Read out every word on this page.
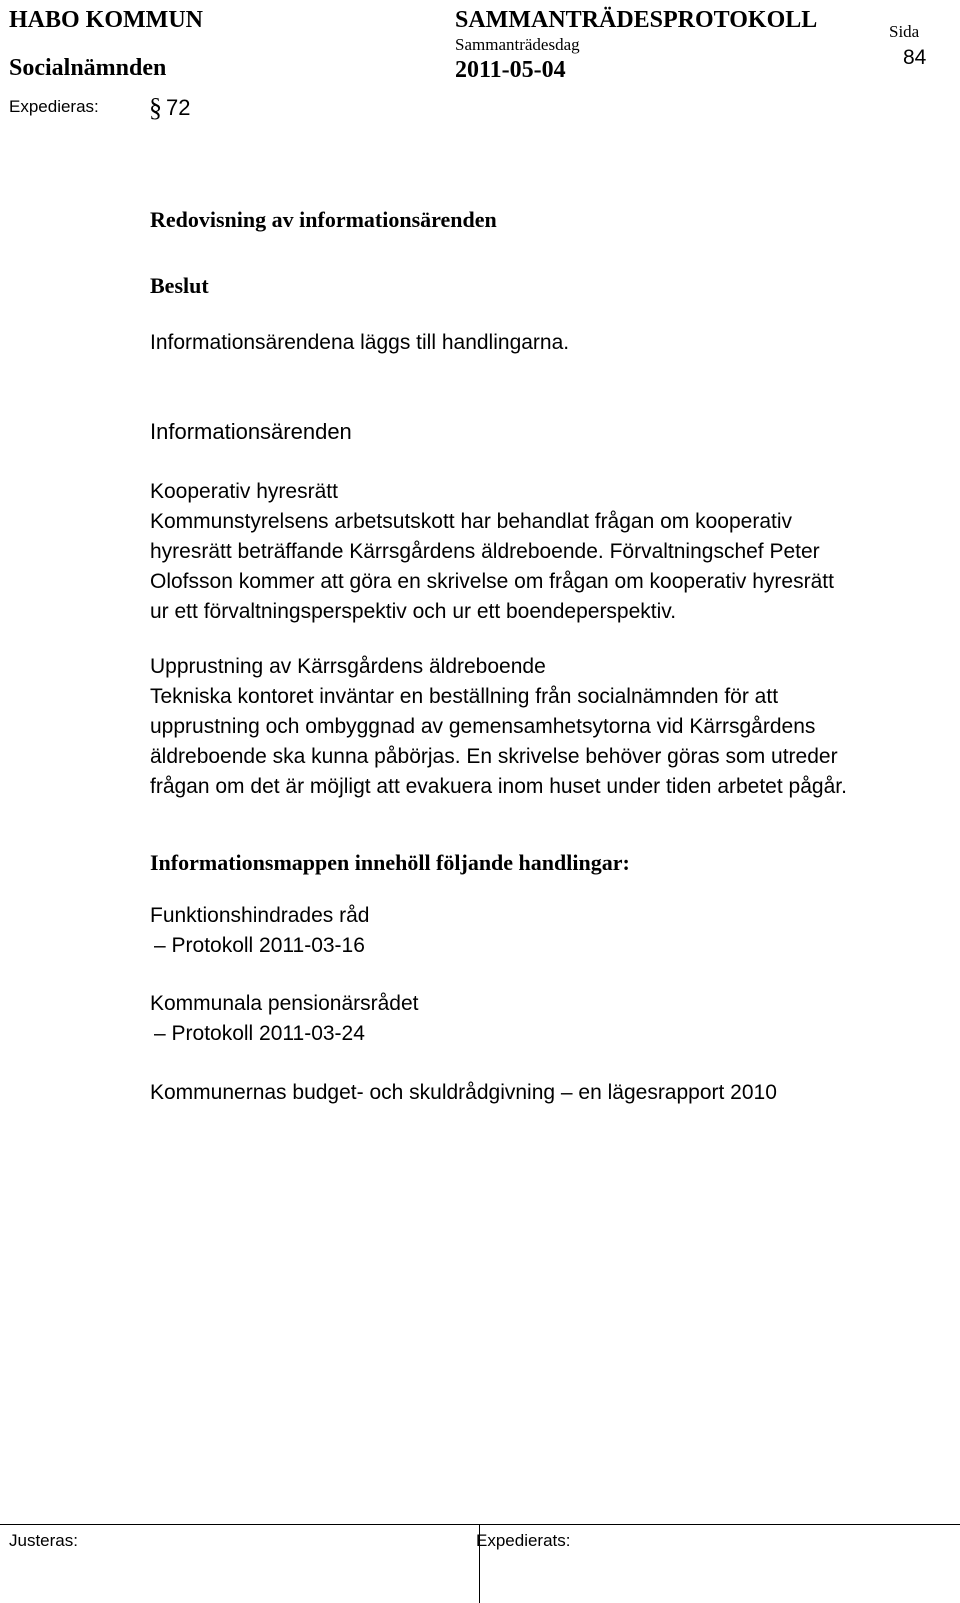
HABO KOMMUN
Socialnämnden
Expedieras: § 72
SAMMANTRÄDESPROTOKOLL
Sammanträdesdag
2011-05-04
Sida
84
Redovisning av informationsärenden
Beslut
Informationsärendena läggs till handlingarna.
Informationsärenden
Kooperativ hyresrätt
Kommunstyrelsens arbetsutskott har behandlat frågan om kooperativ
hyresrätt beträffande Kärrsgårdens äldreboende. Förvaltningschef Peter
Olofsson kommer att göra en skrivelse om frågan om kooperativ hyresrätt
ur ett förvaltningsperspektiv och ur ett boendeperspektiv.
Upprustning av Kärrsgårdens äldreboende
Tekniska kontoret inväntar en beställning från socialnämnden för att
upprustning och ombyggnad av gemensamhetsytorna vid Kärrsgårdens
äldreboende ska kunna påbörjas. En skrivelse behöver göras som utreder
frågan om det är möjligt att evakuera inom huset under tiden arbetet pågår.
Informationsmappen innehöll följande handlingar:
Funktionshindrades råd
– Protokoll 2011-03-16
Kommunala pensionärsrådet
– Protokoll 2011-03-24
Kommunernas budget- och skuldrådgivning – en lägesrapport 2010
Justeras:	Expedierats:
